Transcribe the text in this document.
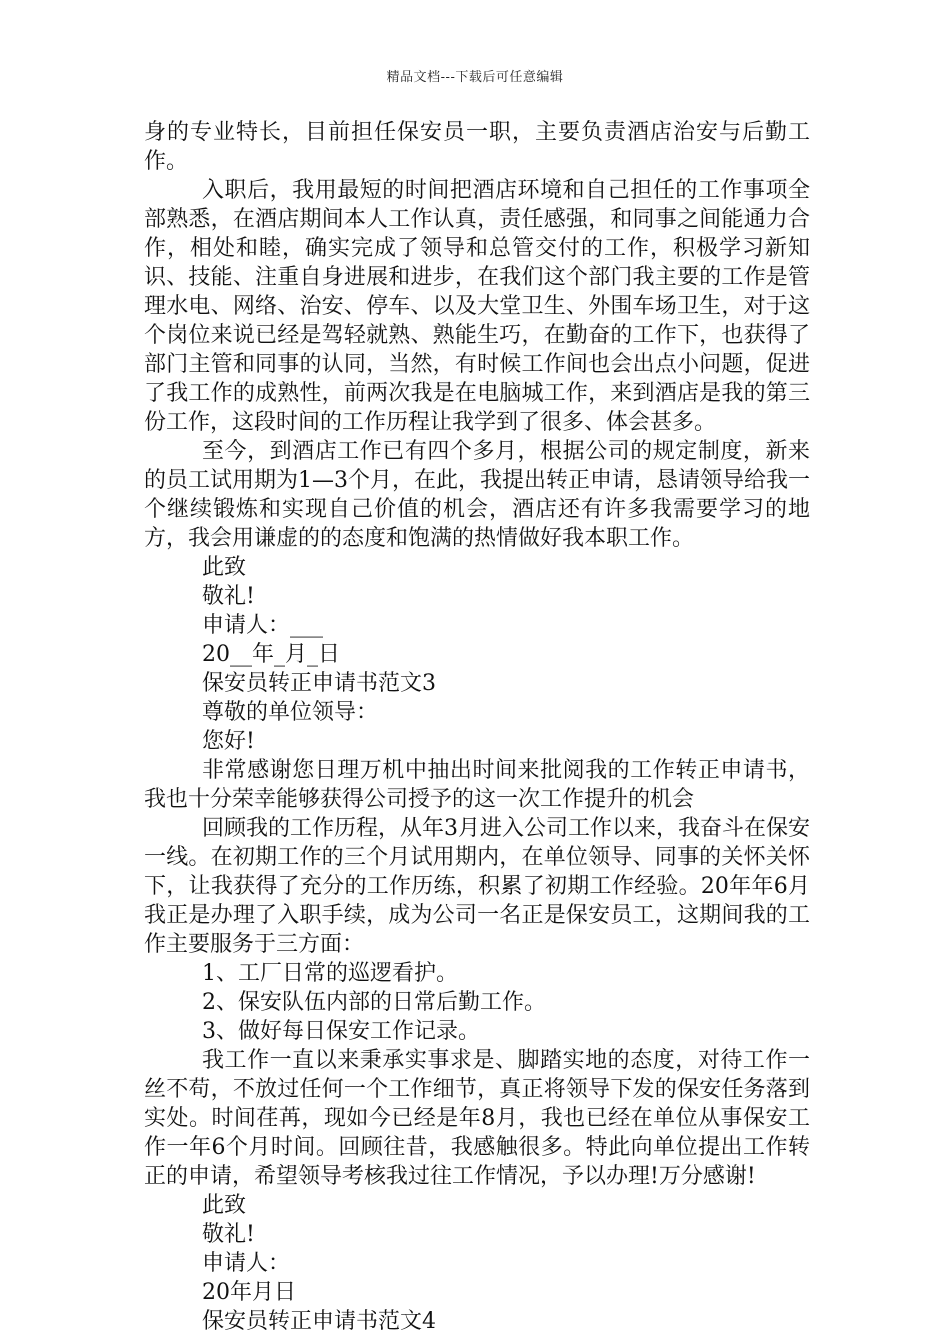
精品文档---下载后可任意编辑

身的专业特长，目前担任保安员一职，主要负责酒店治安与后勤工作。

入职后，我用最短的时间把酒店环境和自己担任的工作事项全部熟悉，在酒店期间本人工作认真，责任感强，和同事之间能通力合作，相处和睦，确实完成了领导和总管交付的工作，积极学习新知识、技能、注重自身进展和进步，在我们这个部门我主要的工作是管理水电、网络、治安、停车、以及大堂卫生、外围车场卫生，对于这个岗位来说已经是驾轻就熟、熟能生巧，在勤奋的工作下，也获得了部门主管和同事的认同，当然，有时候工作间也会出点小问题，促进了我工作的成熟性，前两次我是在电脑城工作，来到酒店是我的第三份工作，这段时间的工作历程让我学到了很多、体会甚多。

至今，到酒店工作已有四个多月，根据公司的规定制度，新来的员工试用期为1—3个月，在此，我提出转正申请，恳请领导给我一个继续锻炼和实现自己价值的机会，酒店还有许多我需要学习的地方，我会用谦虚的的态度和饱满的热情做好我本职工作。

此致

敬礼!

申请人：___

20__年_月_日

保安员转正申请书范文3

尊敬的单位领导：

您好!

非常感谢您日理万机中抽出时间来批阅我的工作转正申请书，我也十分荣幸能够获得公司授予的这一次工作提升的机会

回顾我的工作历程，从年3月进入公司工作以来，我奋斗在保安一线。在初期工作的三个月试用期内，在单位领导、同事的关怀关怀下，让我获得了充分的工作历练，积累了初期工作经验。20年年6月我正是办理了入职手续，成为公司一名正是保安员工，这期间我的工作主要服务于三方面：

1、工厂日常的巡逻看护。

2、保安队伍内部的日常后勤工作。

3、做好每日保安工作记录。

我工作一直以来秉承实事求是、脚踏实地的态度，对待工作一丝不苟，不放过任何一个工作细节，真正将领导下发的保安任务落到实处。时间荏苒，现如今已经是年8月，我也已经在单位从事保安工作一年6个月时间。回顾往昔，我感触很多。特此向单位提出工作转正的申请，希望领导考核我过往工作情况，予以办理!万分感谢!

此致

敬礼!

申请人：

20年月日

保安员转正申请书范文4
